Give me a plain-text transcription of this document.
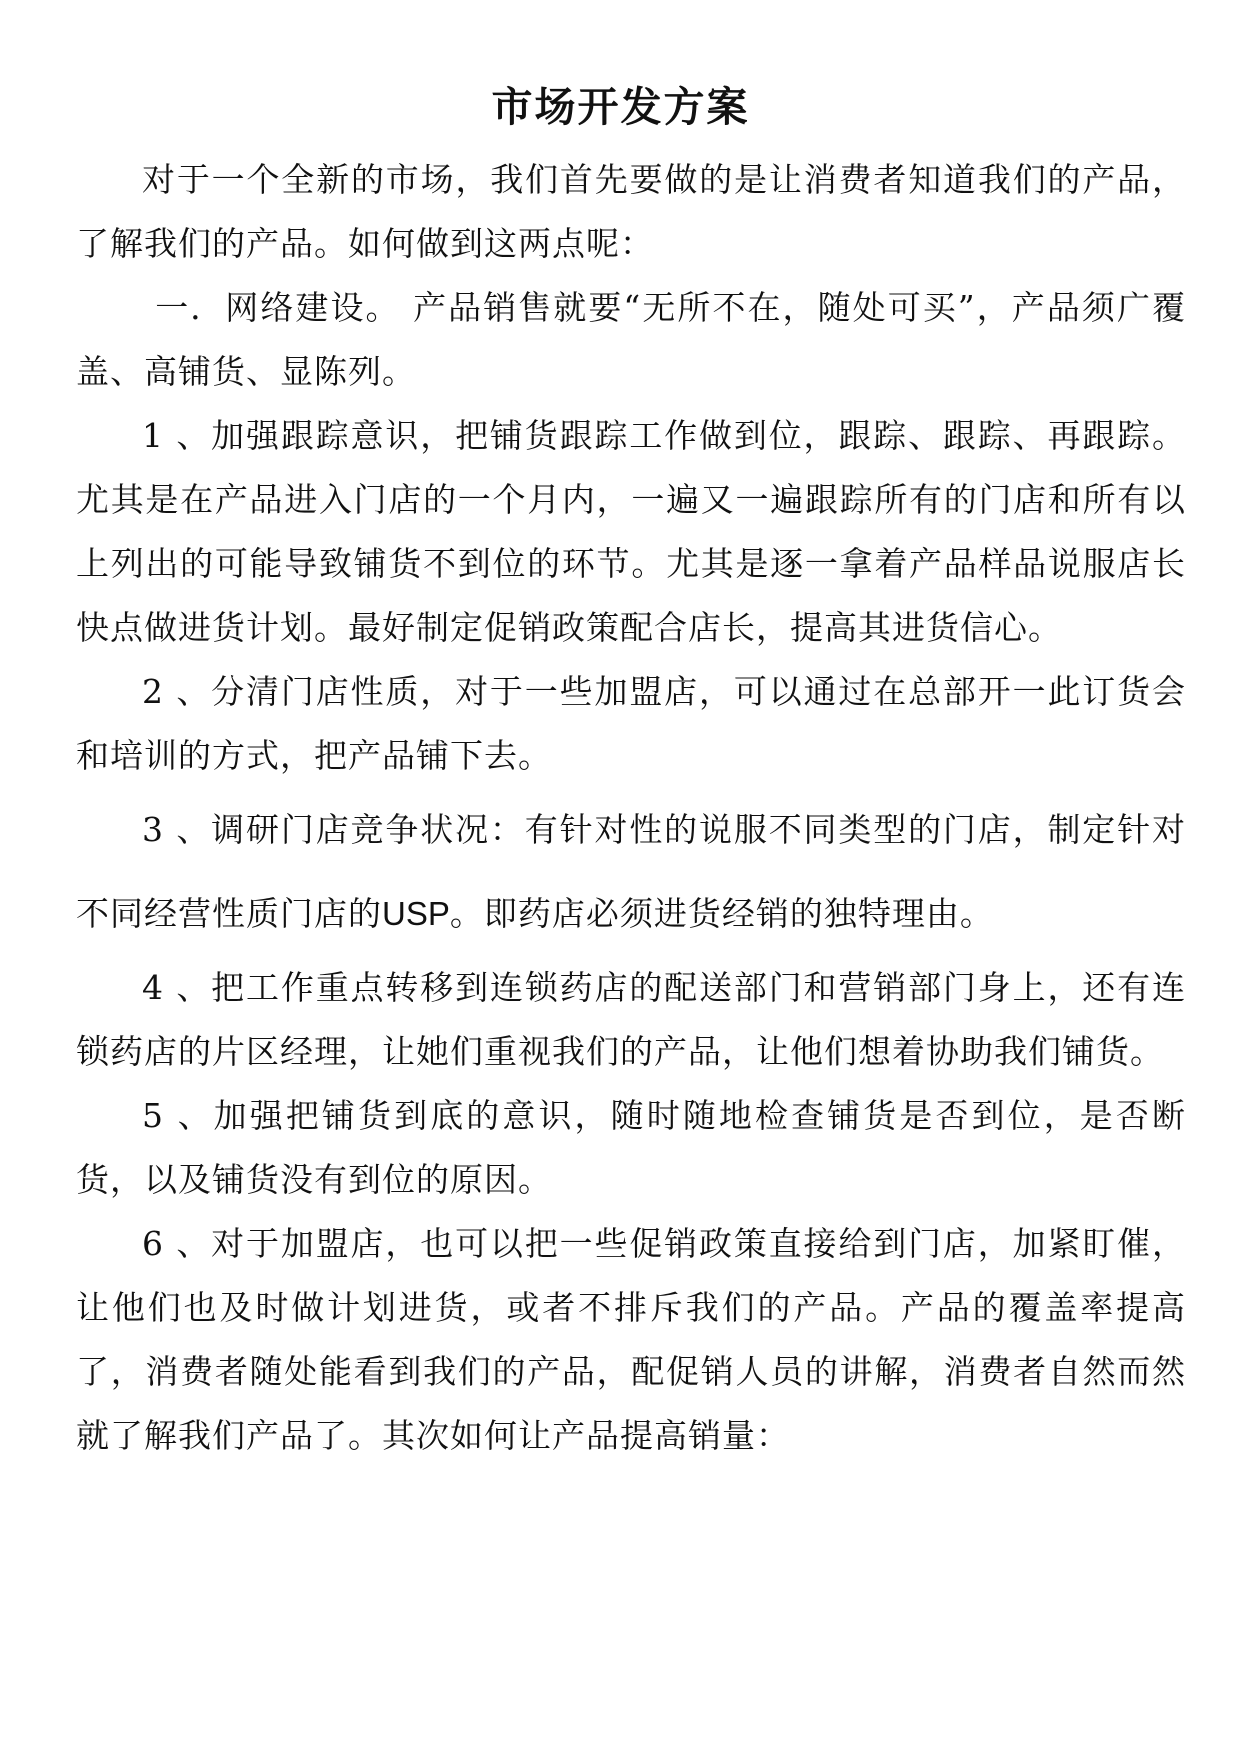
市场开发方案

对于一个全新的市场，我们首先要做的是让消费者知道我们的产品，了解我们的产品。如何做到这两点呢：

一．网络建设。 产品销售就要“无所不在，随处可买”，产品须广覆盖、高铺货、显陈列。

1 、加强跟踪意识，把铺货跟踪工作做到位，跟踪、跟踪、再跟踪。尤其是在产品进入门店的一个月内，一遍又一遍跟踪所有的门店和所有以上列出的可能导致铺货不到位的环节。尤其是逐一拿着产品样品说服店长快点做进货计划。最好制定促销政策配合店长，提高其进货信心。

2 、分清门店性质，对于一些加盟店，可以通过在总部开一此订货会和培训的方式，把产品铺下去。

3 、调研门店竞争状况：有针对性的说服不同类型的门店，制定针对不同经营性质门店的USP。即药店必须进货经销的独特理由。

4 、把工作重点转移到连锁药店的配送部门和营销部门身上，还有连锁药店的片区经理，让她们重视我们的产品，让他们想着协助我们铺货。

5 、加强把铺货到底的意识，随时随地检查铺货是否到位，是否断货，以及铺货没有到位的原因。

6 、对于加盟店，也可以把一些促销政策直接给到门店，加紧盯催，让他们也及时做计划进货，或者不排斥我们的产品。产品的覆盖率提高了，消费者随处能看到我们的产品，配促销人员的讲解，消费者自然而然就了解我们产品了。其次如何让产品提高销量：
